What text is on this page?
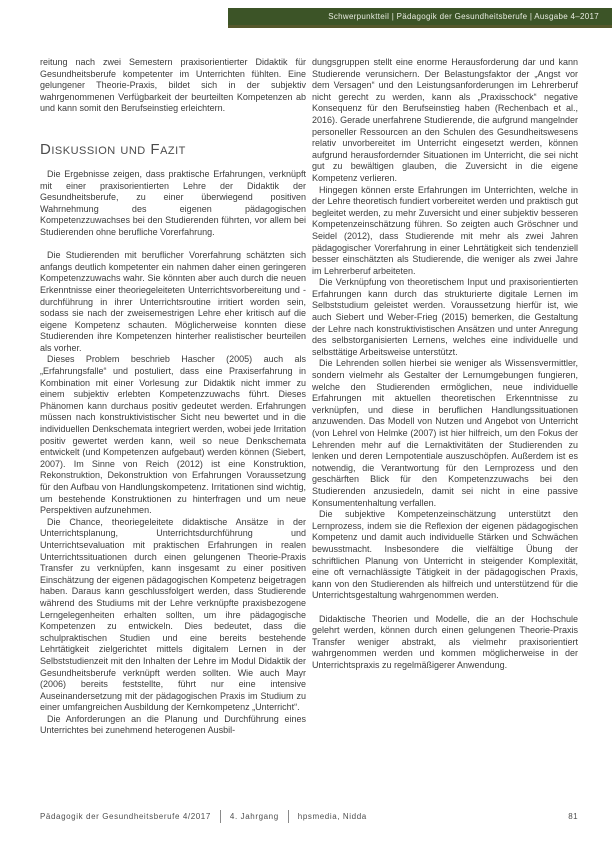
Schwerpunktteil | Pädagogik der Gesundheitsberufe | Ausgabe 4–2017

reitung nach zwei Semestern praxisorientierter Didaktik für Gesundheitsberufe kompetenter im Unterrichten fühlten. Eine gelungener Theorie-Praxis, bildet sich in der subjektiv wahrgenommenen Verfügbarkeit der beurteilten Kompetenzen ab und kann somit den Berufseinstieg erleichtern.

Diskussion und Fazit

Die Ergebnisse zeigen, dass praktische Erfahrungen, verknüpft mit einer praxisorientierten Lehre der Didaktik der Gesundheitsberufe, zu einer überwiegend positiven Wahrnehmung des eigenen pädagogischen Kompetenzzuwachses bei den Studierenden führten, vor allem bei Studierenden ohne berufliche Vorerfahrung.

Die Studierenden mit beruflicher Vorerfahrung schätzten sich anfangs deutlich kompetenter ein nahmen daher einen geringeren Kompetenzzuwachs wahr. Sie könnten aber auch durch die neuen Erkenntnisse einer theoriegeleiteten Unterrichtsvorbereitung und -durchführung in ihrer Unterrichtsroutine irritiert worden sein, sodass sie nach der zweisemestrigen Lehre eher kritisch auf die eigene Kompetenz schauten. Möglicherweise konnten diese Studierenden ihre Kompetenzen hinterher realistischer beurteilen als vorher.

Dieses Problem beschrieb Hascher (2005) auch als „Erfahrungsfalle“ und postuliert, dass eine Praxiserfahrung in Kombination mit einer Vorlesung zur Didaktik nicht immer zu einem subjektiv erlebten Kompetenzzuwachs führt. Dieses Phänomen kann durchaus positiv gedeutet werden. Erfahrungen müssen nach konstruktivistischer Sicht neu bewertet und in die individuellen Denkschemata integriert werden, wobei jede Irritation positiv gewertet werden kann, weil so neue Denkschemata entwickelt (und Kompetenzen aufgebaut) werden können (Siebert, 2007). Im Sinne von Reich (2012) ist eine Konstruktion, Rekonstruktion, Dekonstruktion von Erfahrungen Voraussetzung für den Aufbau von Handlungskompetenz. Irritationen sind wichtig, um bestehende Konstruktionen zu hinterfragen und um neue Perspektiven aufzunehmen.

Die Chance, theoriegeleitete didaktische Ansätze in der Unterrichtsplanung, Unterrichtsdurchführung und Unterrichtsevaluation mit praktischen Erfahrungen in realen Unterrichtssituationen durch einen gelungenen Theorie-Praxis Transfer zu verknüpfen, kann insgesamt zu einer positiven Einschätzung der eigenen pädagogischen Kompetenz beigetragen haben. Daraus kann geschlussfolgert werden, dass Studierende während des Studiums mit der Lehre verknüpfte praxisbezogene Lerngelegenheiten erhalten sollten, um ihre pädagogische Kompetenzen zu entwickeln. Dies bedeutet, dass die schulpraktischen Studien und eine bereits bestehende Lehrtätigkeit zielgerichtet mittels digitalem Lernen in der Selbststudienzeit mit den Inhalten der Lehre im Modul Didaktik der Gesundheitsberufe verknüpft werden sollten. Wie auch Mayr (2006) bereits feststellte, führt nur eine intensive Auseinandersetzung mit der pädagogischen Praxis im Studium zu einer umfangreichen Ausbildung der Kernkompetenz „Unterricht“.

Die Anforderungen an die Planung und Durchführung eines Unterrichtes bei zunehmend heterogenen Ausbil-

dungsgruppen stellt eine enorme Herausforderung dar und kann Studierende verunsichern. Der Belastungsfaktor der „Angst vor dem Versagen“ und den Leistungsanforderungen im Lehrerberuf nicht gerecht zu werden, kann als „Praxisschock“ negative Konsequenz für den Berufseinstieg haben (Rechenbach et al., 2016). Gerade unerfahrene Studierende, die aufgrund mangelnder personeller Ressourcen an den Schulen des Gesundheitswesens relativ unvorbereitet im Unterricht eingesetzt werden, können aufgrund herausfordernder Situationen im Unterricht, die sei nicht gut zu bewältigen glauben, die Zuversicht in die eigene Kompetenz verlieren.

Hingegen können erste Erfahrungen im Unterrichten, welche in der Lehre theoretisch fundiert vorbereitet werden und praktisch gut begleitet werden, zu mehr Zuversicht und einer subjektiv besseren Kompetenzeinschätzung führen. So zeigten auch Gröschner und Seidel (2012), dass Studierende mit mehr als zwei Jahren pädagogischer Vorerfahrung in einer Lehrtätigkeit sich tendenziell besser einschätzten als Studierende, die weniger als zwei Jahre im Lehrerberuf arbeiteten.

Die Verknüpfung von theoretischem Input und praxisorientierten Erfahrungen kann durch das strukturierte digitale Lernen im Selbststudium geleistet werden. Voraussetzung hierfür ist, wie auch Siebert und Weber-Frieg (2015) bemerken, die Gestaltung der Lehre nach konstruktivistischen Ansätzen und unter Anregung des selbstorganisierten Lernens, welches eine individuelle und selbsttätige Arbeitsweise unterstützt.

Die Lehrenden sollen hierbei sie weniger als Wissensvermittler, sondern vielmehr als Gestalter der Lernumgebungen fungieren, welche den Studierenden ermöglichen, neue individuelle Erfahrungen mit aktuellen theoretischen Erkenntnisse zu verknüpfen, und diese in beruflichen Handlungssituationen anzuwenden. Das Modell von Nutzen und Angebot von Unterricht (von Lehrel von Helmke (2007) ist hier hilfreich, um den Fokus der Lehrenden mehr auf die Lernaktivitäten der Studierenden zu lenken und deren Lernpotentiale auszuschöpfen. Außerdem ist es notwendig, die Verantwortung für den Lernprozess und den geschärften Blick für den Kompetenzzuwachs bei den Studierenden anzusiedeln, damit sei nicht in eine passive Konsumentenhaltung verfallen.

Die subjektive Kompetenzeinschätzung unterstützt den Lernprozess, indem sie die Reflexion der eigenen pädagogischen Kompetenz und damit auch individuelle Stärken und Schwächen bewusstmacht. Insbesondere die vielfältige Übung der schriftlichen Planung von Unterricht in steigender Komplexität, eine oft vernachlässigte Tätigkeit in der pädagogischen Praxis, kann von den Studierenden als hilfreich und unterstützend für die Unterrichtsgestaltung wahrgenommen werden.

Didaktische Theorien und Modelle, die an der Hochschule gelehrt werden, können durch einen gelungenen Theorie-Praxis Transfer weniger abstrakt, als vielmehr praxisorientiert wahrgenommen werden und kommen möglicherweise in der Unterrichtspraxis zu regelmäßigerer Anwendung.

Pädagogik der Gesundheitsberufe 4/2017 4. Jahrgang hpsmedia, Nidda	81
